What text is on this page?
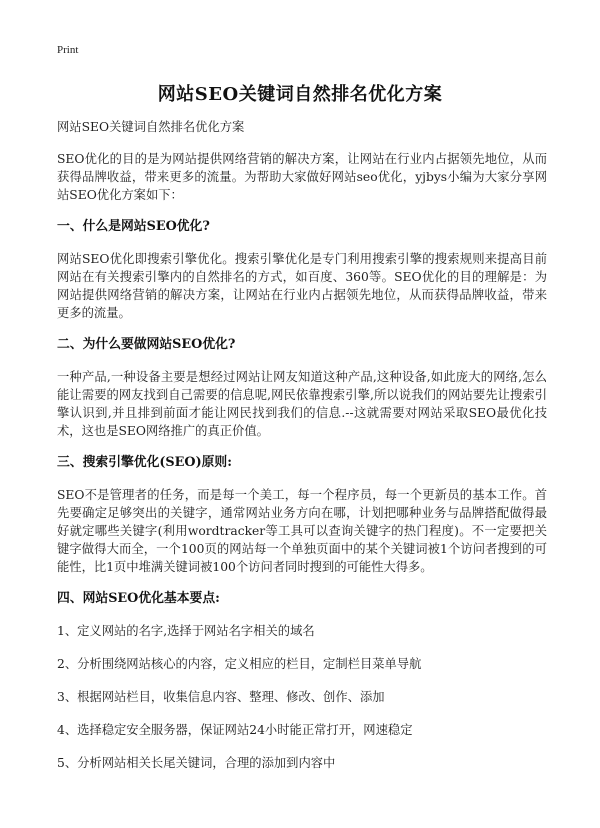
Print
网站SEO关键词自然排名优化方案

网站SEO关键词自然排名优化方案

SEO优化的目的是为网站提供网络营销的解决方案，让网站在行业内占据领先地位，从而获得品牌收益，带来更多的流量。为帮助大家做好网站seo优化，yjbys小编为大家分享网站SEO优化方案如下：

一、什么是网站SEO优化?

网站SEO优化即搜索引擎优化。搜索引擎优化是专门利用搜索引擎的搜索规则来提高目前网站在有关搜索引擎内的自然排名的方式，如百度、360等。SEO优化的目的理解是：为网站提供网络营销的解决方案，让网站在行业内占据领先地位，从而获得品牌收益，带来更多的流量。

二、为什么要做网站SEO优化?

一种产品,一种设备主要是想经过网站让网友知道这种产品,这种设备,如此庞大的网络,怎么能让需要的网友找到自己需要的信息呢,网民依靠搜索引擎,所以说我们的网站要先让搜索引擎认识到,并且排到前面才能让网民找到我们的信息.--这就需要对网站采取SEO最优化技术，这也是SEO网络推广的真正价值。

三、搜索引擎优化(SEO)原则:

SEO不是管理者的任务，而是每一个美工，每一个程序员，每一个更新员的基本工作。首先要确定足够突出的关键字，通常网站业务方向在哪，计划把哪种业务与品牌搭配做得最好就定哪些关键字(利用wordtracker等工具可以查询关键字的热门程度)。不一定要把关键字做得大而全，一个100页的网站每一个单独页面中的某个关键词被1个访问者搜到的可能性，比1页中堆满关键词被100个访问者同时搜到的可能性大得多。

四、网站SEO优化基本要点:

1、定义网站的名字,选择于网站名字相关的域名

2、分析围绕网站核心的内容，定义相应的栏目，定制栏目菜单导航

3、根据网站栏目，收集信息内容、整理、修改、创作、添加

4、选择稳定安全服务器，保证网站24小时能正常打开，网速稳定

5、分析网站相关长尾关键词，合理的添加到内容中
